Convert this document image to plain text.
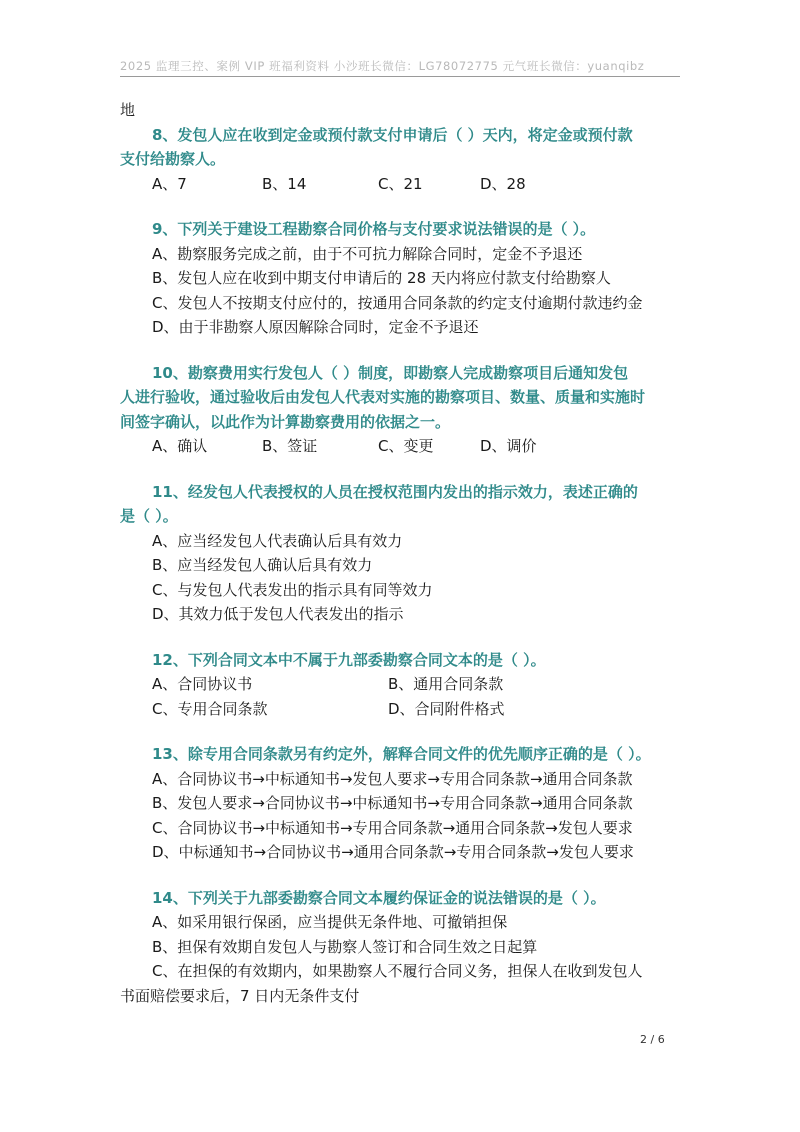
2025 监理三控、案例 VIP 班福利资料 小沙班长微信：LG78072775 元气班长微信：yuanqibz
地
8、发包人应在收到定金或预付款支付申请后（ ）天内，将定金或预付款
支付给勘察人。
A、7	B、14	C、21	D、28
9、下列关于建设工程勘察合同价格与支付要求说法错误的是（ ）。
A、勘察服务完成之前，由于不可抗力解除合同时，定金不予退还
B、发包人应在收到中期支付申请后的 28 天内将应付款支付给勘察人
C、发包人不按期支付应付的，按通用合同条款的约定支付逾期付款违约金
D、由于非勘察人原因解除合同时，定金不予退还
10、勘察费用实行发包人（ ）制度，即勘察人完成勘察项目后通知发包
人进行验收，通过验收后由发包人代表对实施的勘察项目、数量、质量和实施时
间签字确认，以此作为计算勘察费用的依据之一。
A、确认	B、签证	C、变更	D、调价
11、经发包人代表授权的人员在授权范围内发出的指示效力，表述正确的
是（ ）。
A、应当经发包人代表确认后具有效力
B、应当经发包人确认后具有效力
C、与发包人代表发出的指示具有同等效力
D、其效力低于发包人代表发出的指示
12、下列合同文本中不属于九部委勘察合同文本的是（ ）。
A、合同协议书	B、通用合同条款
C、专用合同条款	D、合同附件格式
13、除专用合同条款另有约定外，解释合同文件的优先顺序正确的是（ ）。
A、合同协议书→中标通知书→发包人要求→专用合同条款→通用合同条款
B、发包人要求→合同协议书→中标通知书→专用合同条款→通用合同条款
C、合同协议书→中标通知书→专用合同条款→通用合同条款→发包人要求
D、中标通知书→合同协议书→通用合同条款→专用合同条款→发包人要求
14、下列关于九部委勘察合同文本履约保证金的说法错误的是（ ）。
A、如采用银行保函，应当提供无条件地、可撤销担保
B、担保有效期自发包人与勘察人签订和合同生效之日起算
C、在担保的有效期内，如果勘察人不履行合同义务，担保人在收到发包人
书面赔偿要求后，7 日内无条件支付
2 / 6
